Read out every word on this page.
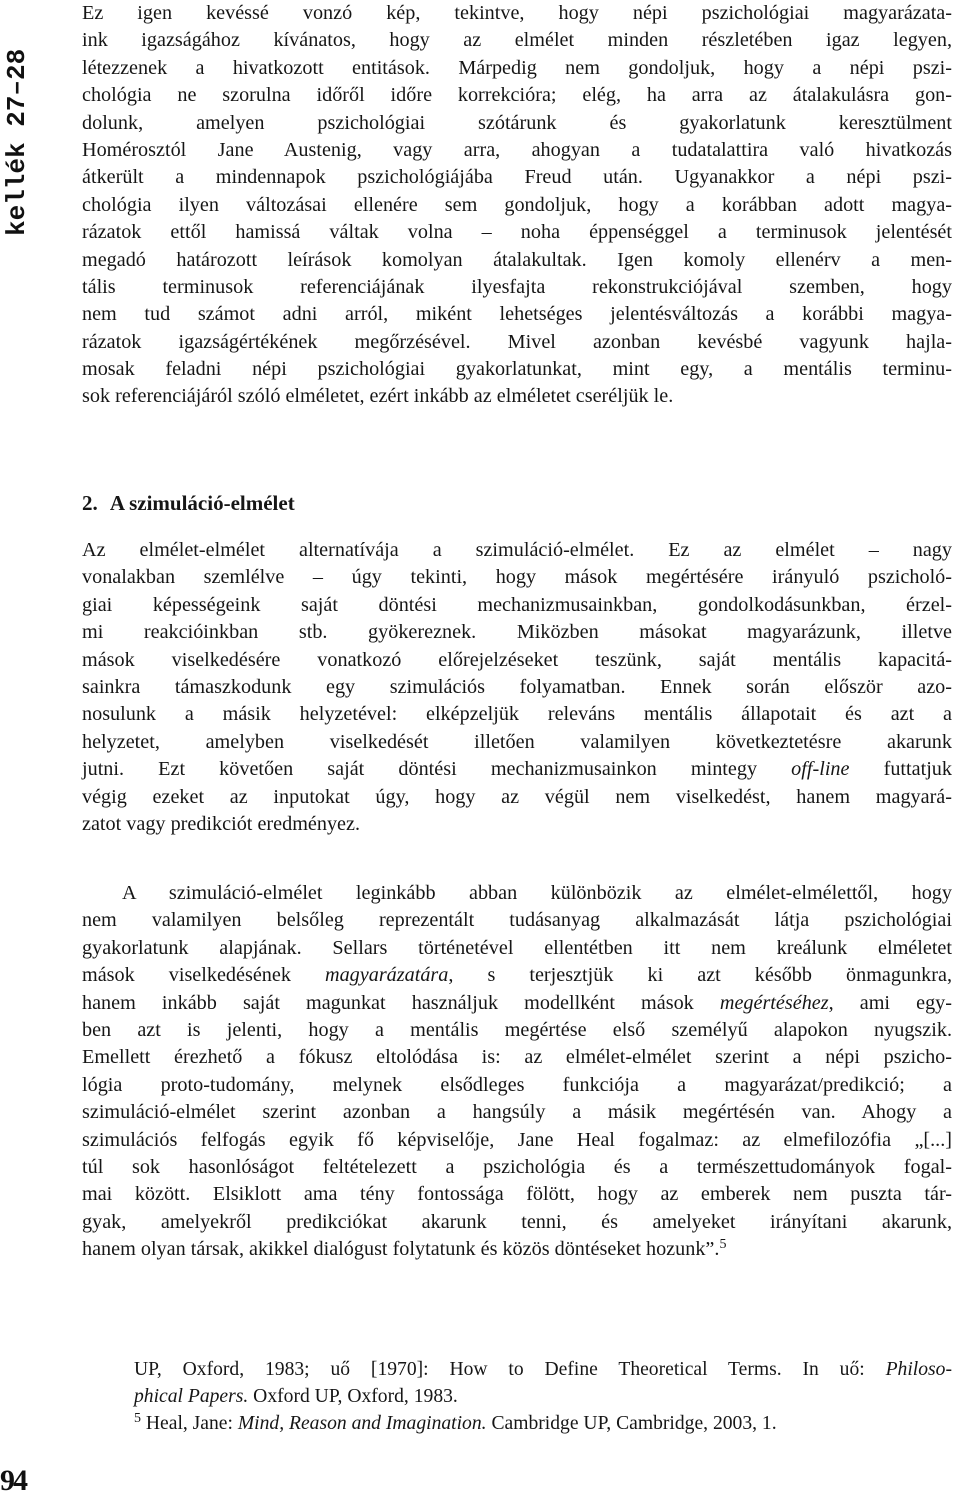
kellék 27–28
Ez igen kevéssé vonzó kép, tekintve, hogy népi pszichológiai magyarázata-
ink igazságához kívánatos, hogy az elmélet minden részletében igaz legyen,
létezzenek a hivatkozott entitások. Márpedig nem gondoljuk, hogy a népi pszi-
chológia ne szorulna időről időre korrekcióra; elég, ha arra az átalakulásra gon-
dolunk, amelyen pszichológiai szótárunk és gyakorlatunk keresztülment
Homérosztól Jane Austenig, vagy arra, ahogyan a tudatalattira való hivatkozás
átkerült a mindennapok pszichológiájába Freud után. Ugyanakkor a népi pszi-
chológia ilyen változásai ellenére sem gondoljuk, hogy a korábban adott magya-
rázatok ettől hamissá váltak volna – noha éppenséggel a terminusok jelentését
megadó határozott leírások komolyan átalakultak. Igen komoly ellenérv a men-
tális terminusok referenciájának ilyesfajta rekonstrukciójával szemben, hogy
nem tud számot adni arról, miként lehetséges jelentésváltozás a korábbi magya-
rázatok igazságértékének megőrzésével. Mivel azonban kevésbé vagyunk hajla-
mosak feladni népi pszichológiai gyakorlatunkat, mint egy, a mentális terminu-
sok referenciájáról szóló elméletet, ezért inkább az elméletet cseréljük le.
2. A szimuláció-elmélet
Az elmélet-elmélet alternatívája a szimuláció-elmélet. Ez az elmélet – nagy
vonalakban szemlélve – úgy tekinti, hogy mások megértésére irányuló pszicholó-
giai képességeink saját döntési mechanizmusainkban, gondolkodásunkban, érzel-
mi reakcióinkban stb. gyökereznek. Miközben másokat magyarázunk, illetve
mások viselkedésére vonatkozó előrejelzéseket teszünk, saját mentális kapacitá-
sainkra támaszkodunk egy szimulációs folyamatban. Ennek során először azo-
nosulunk a másik helyzetével: elképzeljük releváns mentális állapotait és azt a
helyzetet, amelyben viselkedését illetően valamilyen következtetésre akarunk
jutni. Ezt követően saját döntési mechanizmusainkon mintegy off-line futtatjuk
végig ezeket az inputokat úgy, hogy az végül nem viselkedést, hanem magyará-
zatot vagy predikciót eredményez.
A szimuláció-elmélet leginkább abban különbözik az elmélet-elmélettől, hogy
nem valamilyen belsőleg reprezentált tudásanyag alkalmazását látja pszichológiai
gyakorlatunk alapjának. Sellars történetével ellentétben itt nem kreálunk elméletet
mások viselkedésének magyarázatára, s terjesztjük ki azt később önmagunkra,
hanem inkább saját magunkat használjuk modellként mások megértéséhez, ami egy-
ben azt is jelenti, hogy a mentális megértése első személyű alapokon nyugszik.
Emellett érezhető a fókusz eltolódása is: az elmélet-elmélet szerint a népi pszicho-
lógia proto-tudomány, melynek elsődleges funkciója a magyarázat/predikció; a
szimuláció-elmélet szerint azonban a hangsúly a másik megértésén van. Ahogy a
szimulációs felfogás egyik fő képviselője, Jane Heal fogalmaz: az elmefilozófia „[...]
túl sok hasonlóságot feltételezett a pszichológia és a természettudományok fogal-
mai között. Elsiklott ama tény fontossága fölött, hogy az emberek nem puszta tár-
gyak, amelyekről predikciókat akarunk tenni, és amelyeket irányítani akarunk,
hanem olyan társak, akikkel dialógust folytatunk és közös döntéseket hozunk”.$^5$
UP, Oxford, 1983; uő [1970]: How to Define Theoretical Terms. In uő: Philoso-
phical Papers. Oxford UP, Oxford, 1983.
$^5$ Heal, Jane: Mind, Reason and Imagination. Cambridge UP, Cambridge, 2003, 1.
94
